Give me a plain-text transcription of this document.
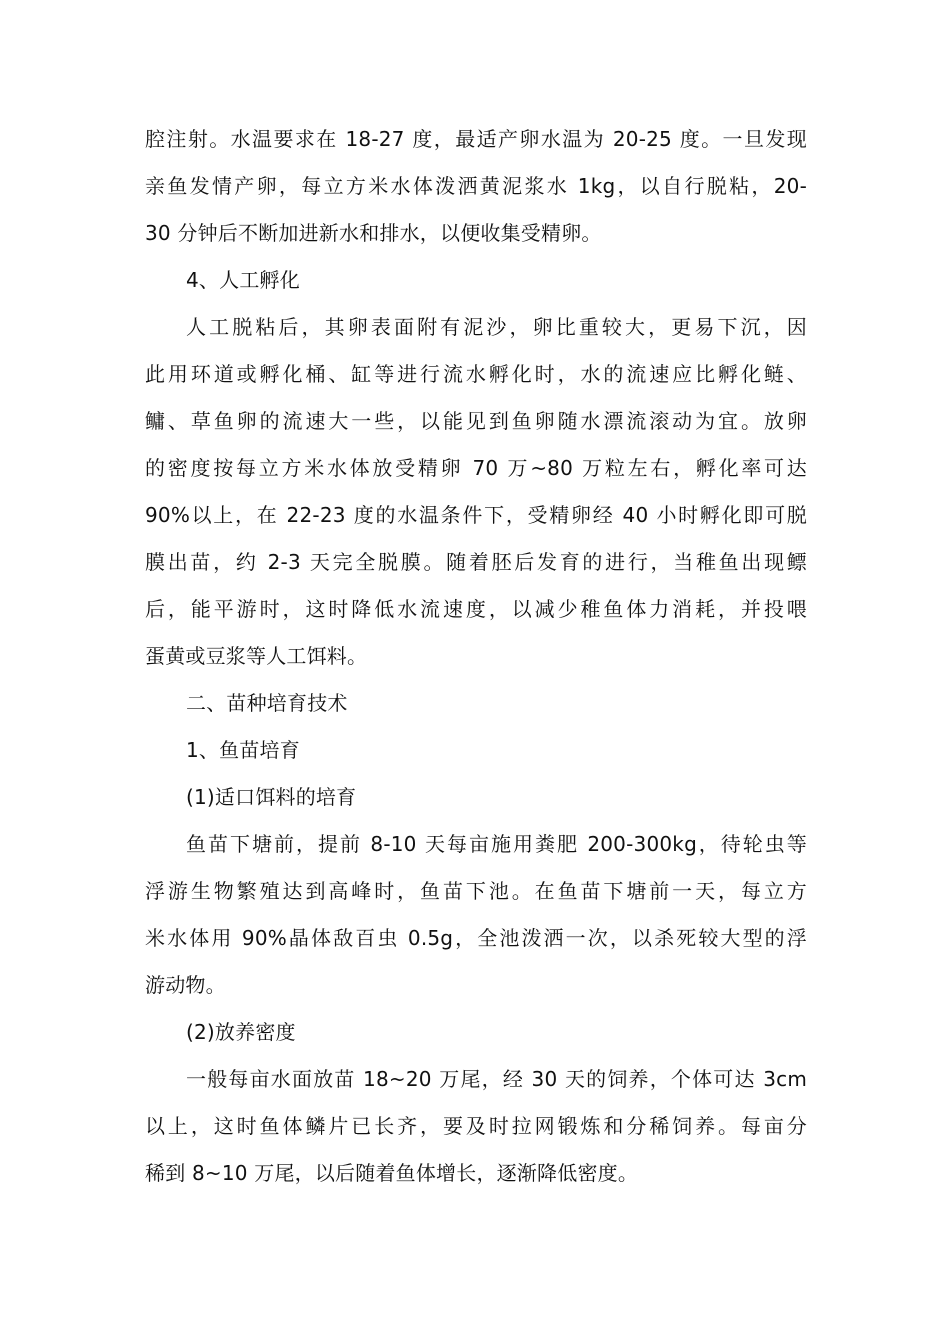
腔注射。水温要求在 18-27 度，最适产卵水温为 20-25 度。一旦发现
亲鱼发情产卵，每立方米水体泼洒黄泥浆水 1kg，以自行脱粘，20-
30 分钟后不断加进新水和排水，以便收集受精卵。
4、人工孵化
人工脱粘后，其卵表面附有泥沙，卵比重较大，更易下沉，因
此用环道或孵化桶、缸等进行流水孵化时，水的流速应比孵化鲢、
鳙、草鱼卵的流速大一些，以能见到鱼卵随水漂流滚动为宜。放卵
的密度按每立方米水体放受精卵 70 万~80 万粒左右，孵化率可达
90%以上，在 22-23 度的水温条件下，受精卵经 40 小时孵化即可脱
膜出苗，约 2-3 天完全脱膜。随着胚后发育的进行，当稚鱼出现鳔
后，能平游时，这时降低水流速度，以减少稚鱼体力消耗，并投喂
蛋黄或豆浆等人工饵料。
二、苗种培育技术
1、鱼苗培育
(1)适口饵料的培育
鱼苗下塘前，提前 8-10 天每亩施用粪肥 200-300kg，待轮虫等
浮游生物繁殖达到高峰时，鱼苗下池。在鱼苗下塘前一天，每立方
米水体用 90%晶体敌百虫 0.5g，全池泼洒一次，以杀死较大型的浮
游动物。
(2)放养密度
一般每亩水面放苗 18~20 万尾，经 30 天的饲养，个体可达 3cm
以上，这时鱼体鳞片已长齐，要及时拉网锻炼和分稀饲养。每亩分
稀到 8~10 万尾，以后随着鱼体增长，逐渐降低密度。
